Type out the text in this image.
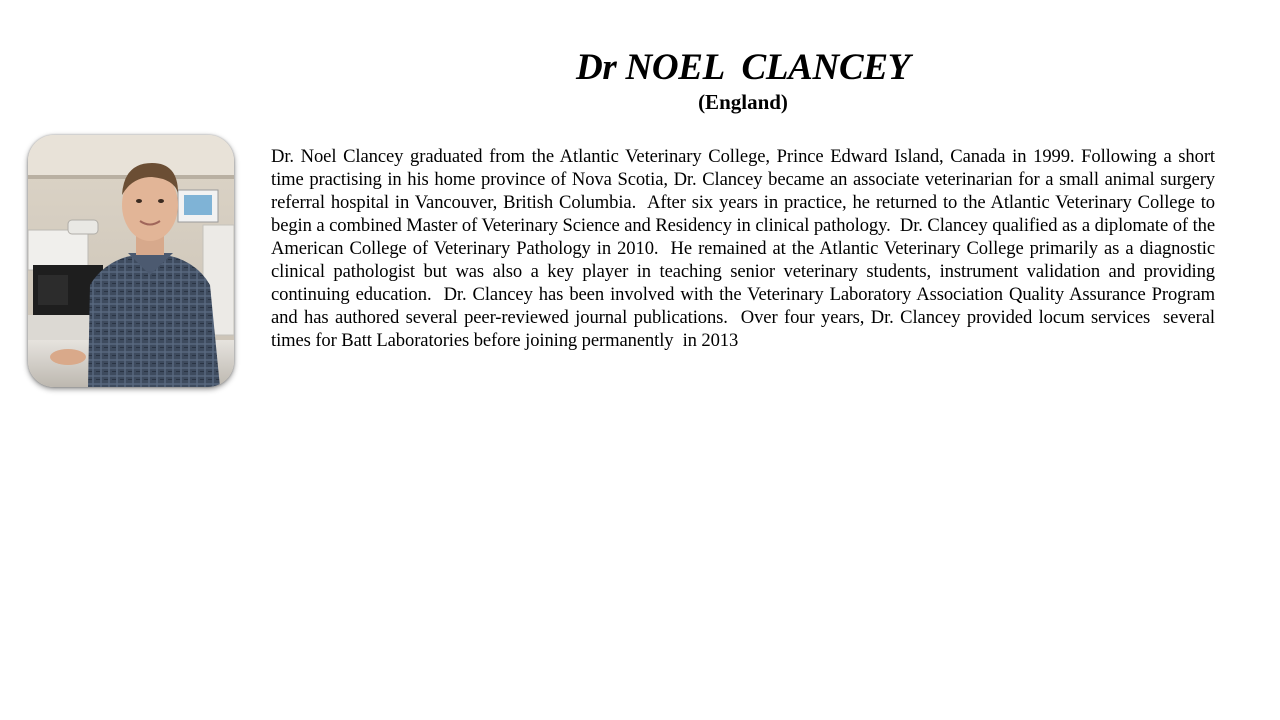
Dr NOEL  CLANCEY
(England)
Dr. Noel Clancey graduated from the Atlantic Veterinary College, Prince Edward Island, Canada in 1999. Following a short time practising in his home province of Nova Scotia, Dr. Clancey became an associate veterinarian for a small animal surgery referral hospital in Vancouver, British Columbia.  After six years in practice, he returned to the Atlantic Veterinary College to begin a combined Master of Veterinary Science and Residency in clinical pathology.  Dr. Clancey qualified as a diplomate of the American College of Veterinary Pathology in 2010.  He remained at the Atlantic Veterinary College primarily as a diagnostic clinical pathologist but was also a key player in teaching senior veterinary students, instrument validation and providing continuing education.  Dr. Clancey has been involved with the Veterinary Laboratory Association Quality Assurance Program and has authored several peer-reviewed journal publications.  Over four years, Dr. Clancey provided locum services  several times for Batt Laboratories before joining permanently  in 2013
